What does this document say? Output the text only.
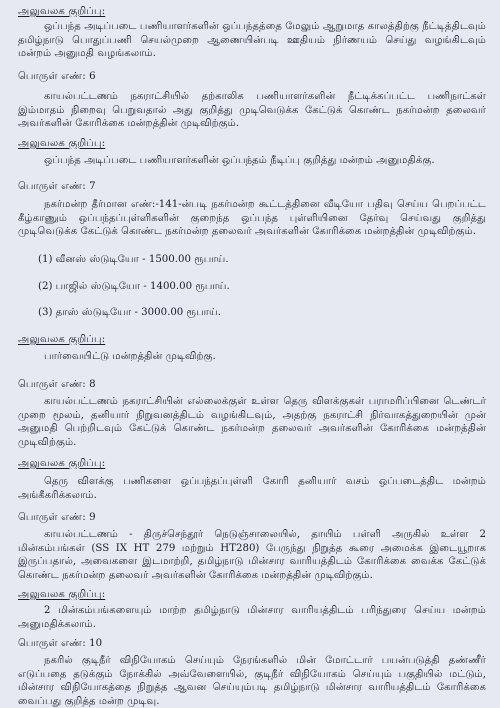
அலுவலக குறிப்பு:
ஒப்பந்த அடிப்படை பணியாளர்களின் ஒப்பந்தத்தை மேலும் ஆறுமாத காலத்திற்கு நீட்டித்திடவும் தமிழ்நாடு பொதுப்பணி செயல்முறை ஆணையின்படி ஊதியம் நிர்ணயம் செய்து வழங்கிடவும் மன்றம் அனுமதி வழங்கலாம்.
பொருள் எண்: 6
காயல்பட்டணம் நகராட்சியில் தற்காலிக பணியாளர்களின் நீட்டிக்கப்பட்ட பணிநாட்கள் இம்மாதம் நிறைவு பெறுவதால் அது குறித்து முடிவெடுக்க கேட்டுக் கொண்ட நகர்மன்ற தலைவர் அவர்களின் கோரிக்கை மன்றத்தின் முடிவிற்கும்.
அலுவலக குறிப்பு:
ஒப்பந்த அடிப்படை பணியாளர்களின் ஒப்பந்தம் நீடிப்பு குறித்து மன்றம் அனுமதிக்கு.
பொருள் எண்: 7
நகர்மன்ற தீர்மான எண்:-141-ன்படி நகர்மன்ற கூட்டத்தினை வீடியோ பதிவு செய்ய பெறப்பட்ட கீழ்காணும் ஒப்பந்தப்புள்ளிகளின் குறைந்த ஒப்பந்த புள்ளியினை தேர்வு செய்வது குறித்து முடிவெடுக்க கேட்டுக் கொண்ட நகர்மன்ற தலைவர் அவர்களின் கோரிக்கை மன்றத்தின் முடிவிற்கும்.
(1) வீனஸ் ஸ்டுடியோ - 1500.00 ரூபாய்.
(2) பாஜில் ஸ்டுடியோ - 1400.00 ரூபாய்.
(3) தாஸ் ஸ்டுடியோ - 3000.00 ரூபாய்.
அலுவலக குறிப்பு:
பார்வையிட்டு மன்றத்தின் முடிவிற்கு.
பொருள் எண்: 8
காயல்பட்டணம் நகராட்சியின் எல்லைக்குள் உள்ள தெரு விளக்குகள் பராமரிப்பினை டெண்டர் முறை மூலம், தனியார் நிறுவனத்திடம் வழங்கிடவும், அதற்கு நகராட்சி நிர்வாகத்துறையின் முன் அனுமதி பெற்றிடவும் கேட்டுக் கொண்ட நகர்மன்ற தலைவர் அவர்களின் கோரிக்கை மன்றத்தின் முடிவிற்கும்.
அலுவலக குறிப்பு:
தெரு விளக்கு பணிகளை ஒப்பந்தப்புள்ளி கோரி தனியார் வசம் ஒப்படைத்திட மன்றம் அங்கீகரிக்கலாம்.
பொருள் எண்: 9
காயல்பட்டணம் - திருச்செந்தூர் நெடுஞ்சாலையில், தாயிம் பள்ளி அருகில் உள்ள 2 மின்கம்பங்கள் (SS IX HT 279 மற்றும் HT280) பேருந்து நிறுத்த கூரை அமைக்க இடையூறாக இருப்பதால், அவைகளை இடமாற்றி, தமிழ்நாடு மின்சார வாரியத்திடம் கோரிக்கை வைக்க கேட்டுக் கொண்ட நகர்மன்ற தலைவர் அவர்களின் கோரிக்கை மன்றத்தின் முடிவிற்கும்.
அலுவலக குறிப்பு:
2 மின்கம்பங்களையும் மாற்ற தமிழ்நாடு மின்சார வாரியத்திடம் பரிந்துரை செய்ய மன்றம் அனுமதிக்கலாம்.
பொருள் எண்: 10
நகரில் குடிநீர் விநியோகம் செய்யும் நேரங்களில் மின் மோட்டார் பயன்படுத்தி தண்ணீர் எடுப்பதை தடுக்கும் நோக்கில் அவ்வேளையில், குடிநீர் விநியோகம் செய்யும் பகுதியில் மட்டும், மின்சார விநியோகத்தை நிறுத்த ஆவன செய்யும்படி தமிழ்நாடு மின்சார வாரியத்திடம் கோரிக்கை வைப்பது குறித்த மன்ற முடிவு.
